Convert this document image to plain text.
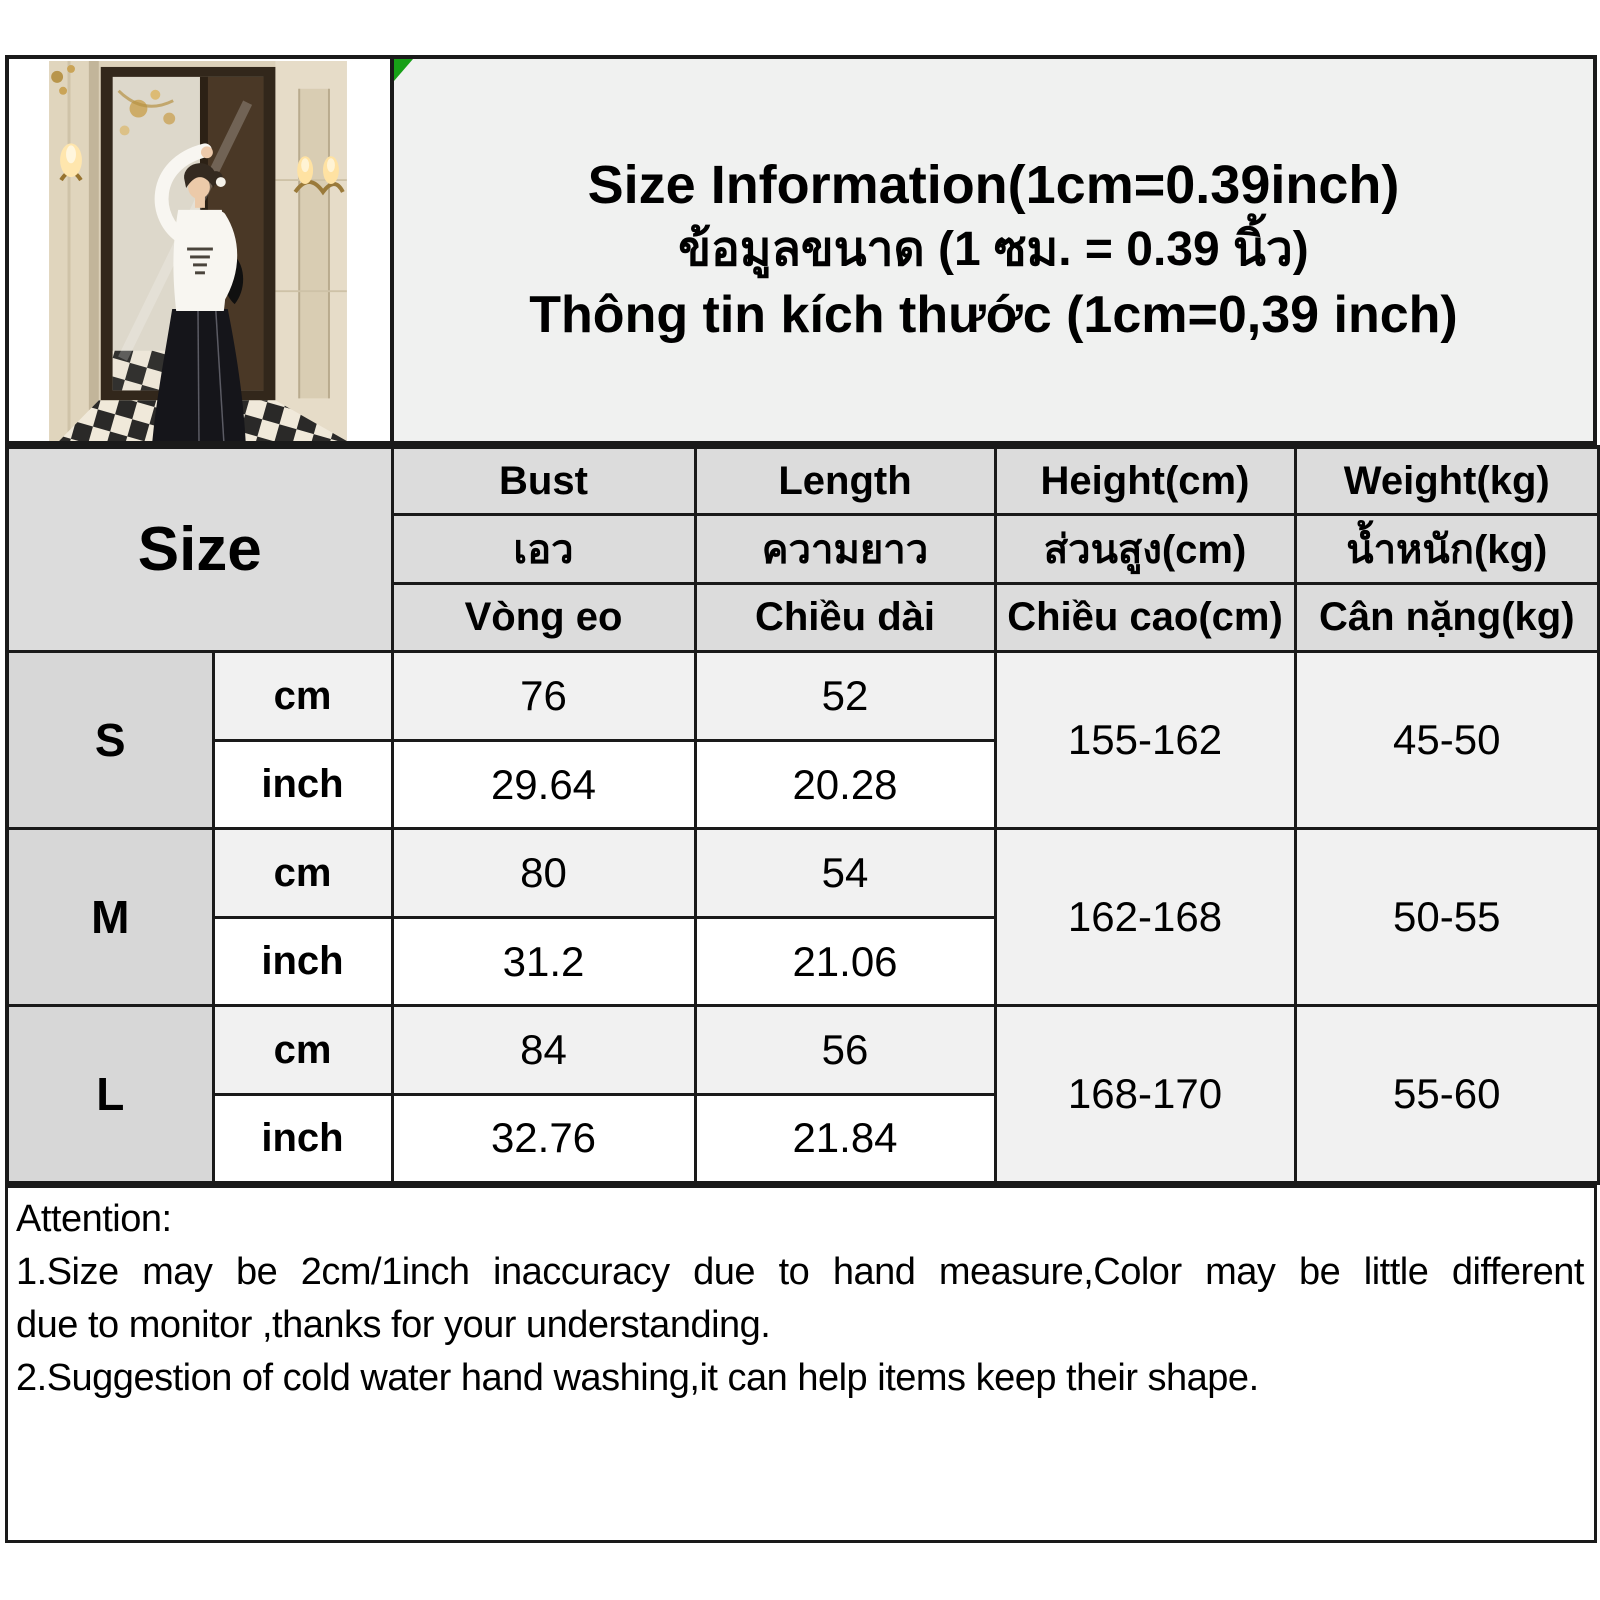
Size Information(1cm=0.39inch)
ข้อมูลขนาด (1 ซม. = 0.39 นิ้ว)
Thông tin kích thước (1cm=0,39 inch)
Size		Bust	Length	Height(cm)	Weight(kg)
		เอว	ความยาว	ส่วนสูง(cm)	น้ำหนัก(kg)
		Vòng eo	Chiều dài	Chiều cao(cm)	Cân nặng(kg)
S	cm	76	52	155-162	45-50
	inch	29.64	20.28		
M	cm	80	54	162-168	50-55
	inch	31.2	21.06		
L	cm	84	56	168-170	55-60
	inch	32.76	21.84		
Attention:
1.Size may be 2cm/1inch inaccuracy due to hand measure,Color may be little different
due to monitor ,thanks for your understanding.
2.Suggestion of cold water hand washing,it can help items keep their shape.
